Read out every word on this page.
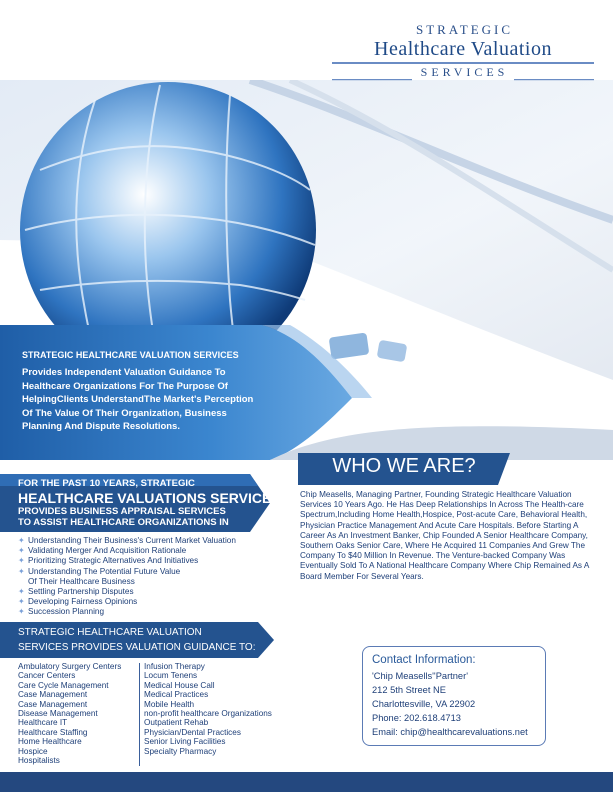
STRATEGIC
Healthcare Valuation
SERVICES
STRATEGIC HEALTHCARE VALUATION SERVICES
Provides Independent Valuation Guidance To Healthcare Organizations For The Purpose Of HelpingClients UnderstandThe Market's Perception Of The Value Of Their Organization, Business Planning And Dispute Resolutions.
FOR THE PAST 10 YEARS, STRATEGIC
HEALTHCARE VALUATIONS SERVICES
PROVIDES BUSINESS APPRAISAL SERVICES
TO ASSIST HEALTHCARE ORGANIZATIONS IN
✦ Understanding Their Business's Current Market Valuation
✦ Validating Merger And Acquisition Rationale
✦ Prioritizing Strategic Alternatives And Initiatives
✦ Understanding The Potential Future Value
Of Their Healthcare Business
✦ Settling Partnership Disputes
✦ Developing Fairness Opinions
✦ Succession Planning
STRATEGIC HEALTHCARE VALUATION
SERVICES PROVIDES VALUATION GUIDANCE TO:
Ambulatory Surgery Centers
Cancer Centers
Care Cycle Management
Case Management
Case Management
Disease Management
Healthcare IT
Healthcare Staffing
Home Healthcare
Hospice
Hospitalists
Infusion Therapy
Locum Tenens
Medical House Call
Medical Practices
Mobile Health
non-profit healthcare Organizations
Outpatient Rehab
Physician/Dental Practices
Senior Living Facilities
Specialty Pharmacy
WHO WE ARE?

Chip Measells, Managing Partner, Founding Strategic Healthcare Valuation Services 10 Years Ago. He Has Deep Relationships In Across The Health-care Spectrum,Including Home Health,Hospice, Post-acute Care, Behavioral Health, Physician Practice Management And Acute Care Hospitals. Before Starting A Career As An Investment Banker, Chip Founded A Senior Healthcare Company, Southern Oaks Senior Care, Where He Acquired 11 Companies And Grew The Company To $40 Million In Revenue. The Venture-backed Company Was Eventually Sold To A National Healthcare Company Where Chip Remained As A Board Member For Several Years.

Contact Information:
'Chip Measells''Partner'
212 5th Street NE
Charlottesville, VA 22902
Phone: 202.618.4713
Email: chip@healthcarevaluations.net
